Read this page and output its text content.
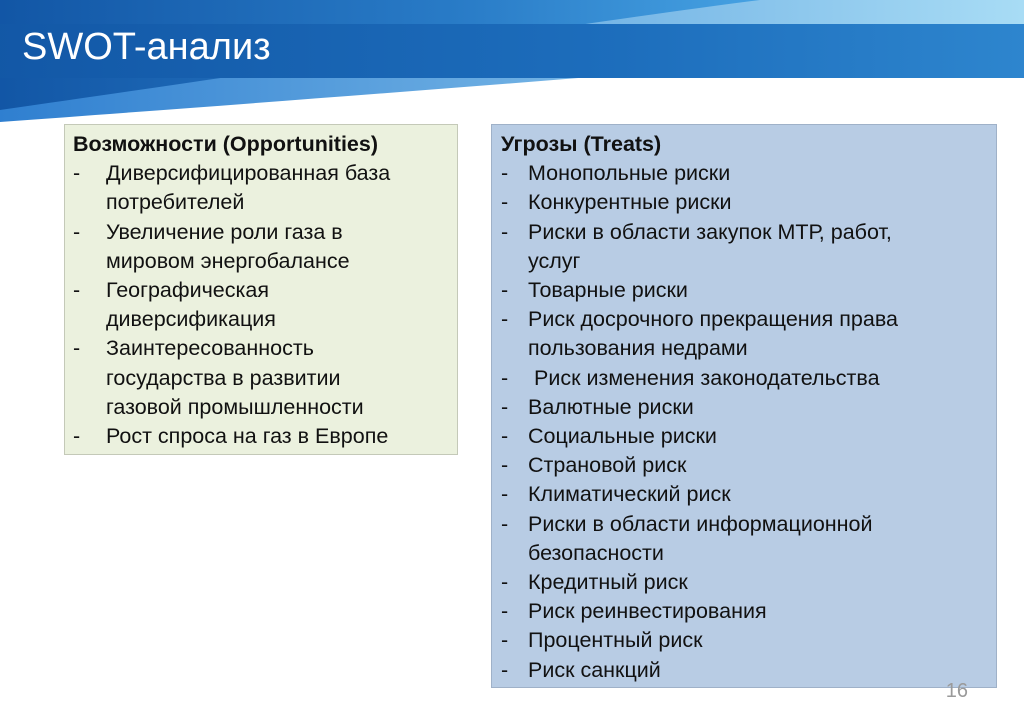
SWOT-анализ

Возможности (Opportunities)

- Диверсифицированная база
потребителей
- Увеличение роли газа в
мировом энергобалансе
- Географическая
диверсификация
- Заинтересованность
государства в развитии
газовой промышленности
- Рост спроса на газ в Европе

Угрозы (Treats)

- Монопольные риски
- Конкурентные риски
- Риски в области закупок МТР, работ,
услуг
- Товарные риски
- Риск досрочного прекращения права
пользования недрами
- Риск изменения законодательства
- Валютные риски
- Социальные риски
- Страновой риск
- Климатический риск
- Риски в области информационной
безопасности
- Кредитный риск
- Риск реинвестирования
- Процентный риск
- Риск санкций
16
